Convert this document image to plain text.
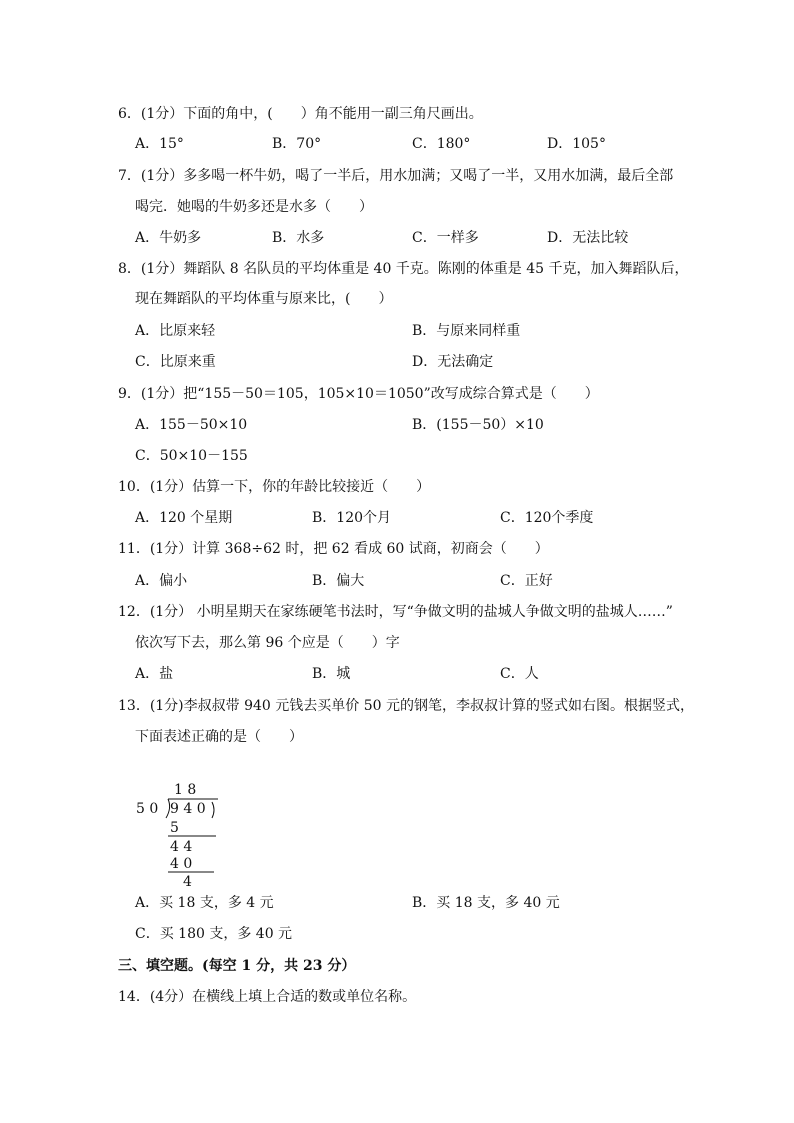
6．(1分）下面的角中，(　　）角不能用一副三角尺画出。
A．15°	B．70°	C．180°	D．105°
7．(1分）多多喝一杯牛奶，喝了一半后，用水加满；又喝了一半，又用水加满，最后全部
喝完．她喝的牛奶多还是水多（　　）
A．牛奶多	B．水多	C．一样多	D．无法比较
8．(1分）舞蹈队 8 名队员的平均体重是 40 千克。陈刚的体重是 45 千克，加入舞蹈队后，
现在舞蹈队的平均体重与原来比，(　　）
A．比原来轻	B．与原来同样重
C．比原来重	D．无法确定
9．(1分）把“155－50＝105，105×10＝1050”改写成综合算式是（　　）
A．155－50×10	B．(155－50）×10
C．50×10－155
10．(1分）估算一下，你的年龄比较接近（　　）
A．120 个星期	B．120个月	C．120个季度
11．(1分）计算 368÷62 时，把 62 看成 60 试商，初商会（　　）
A．偏小	B．偏大	C．正好
12．(1分） 小明星期天在家练硬笔书法时，写“争做文明的盐城人争做文明的盐城人……”
依次写下去，那么第 96 个应是（　　）字
A．盐	B．城	C．人
13．(1分)李叔叔带 940 元钱去买单价 50 元的钢笔，李叔叔计算的竖式如右图。根据竖式，
下面表述正确的是（　　）
1 8
5 0 9 4 0
5
4 4
4 0
4
A．买 18 支，多 4 元	B．买 18 支，多 40 元
C．买 180 支，多 40 元
三、填空题。(每空 1 分，共 23 分）
14．(4分）在横线上填上合适的数或单位名称。
